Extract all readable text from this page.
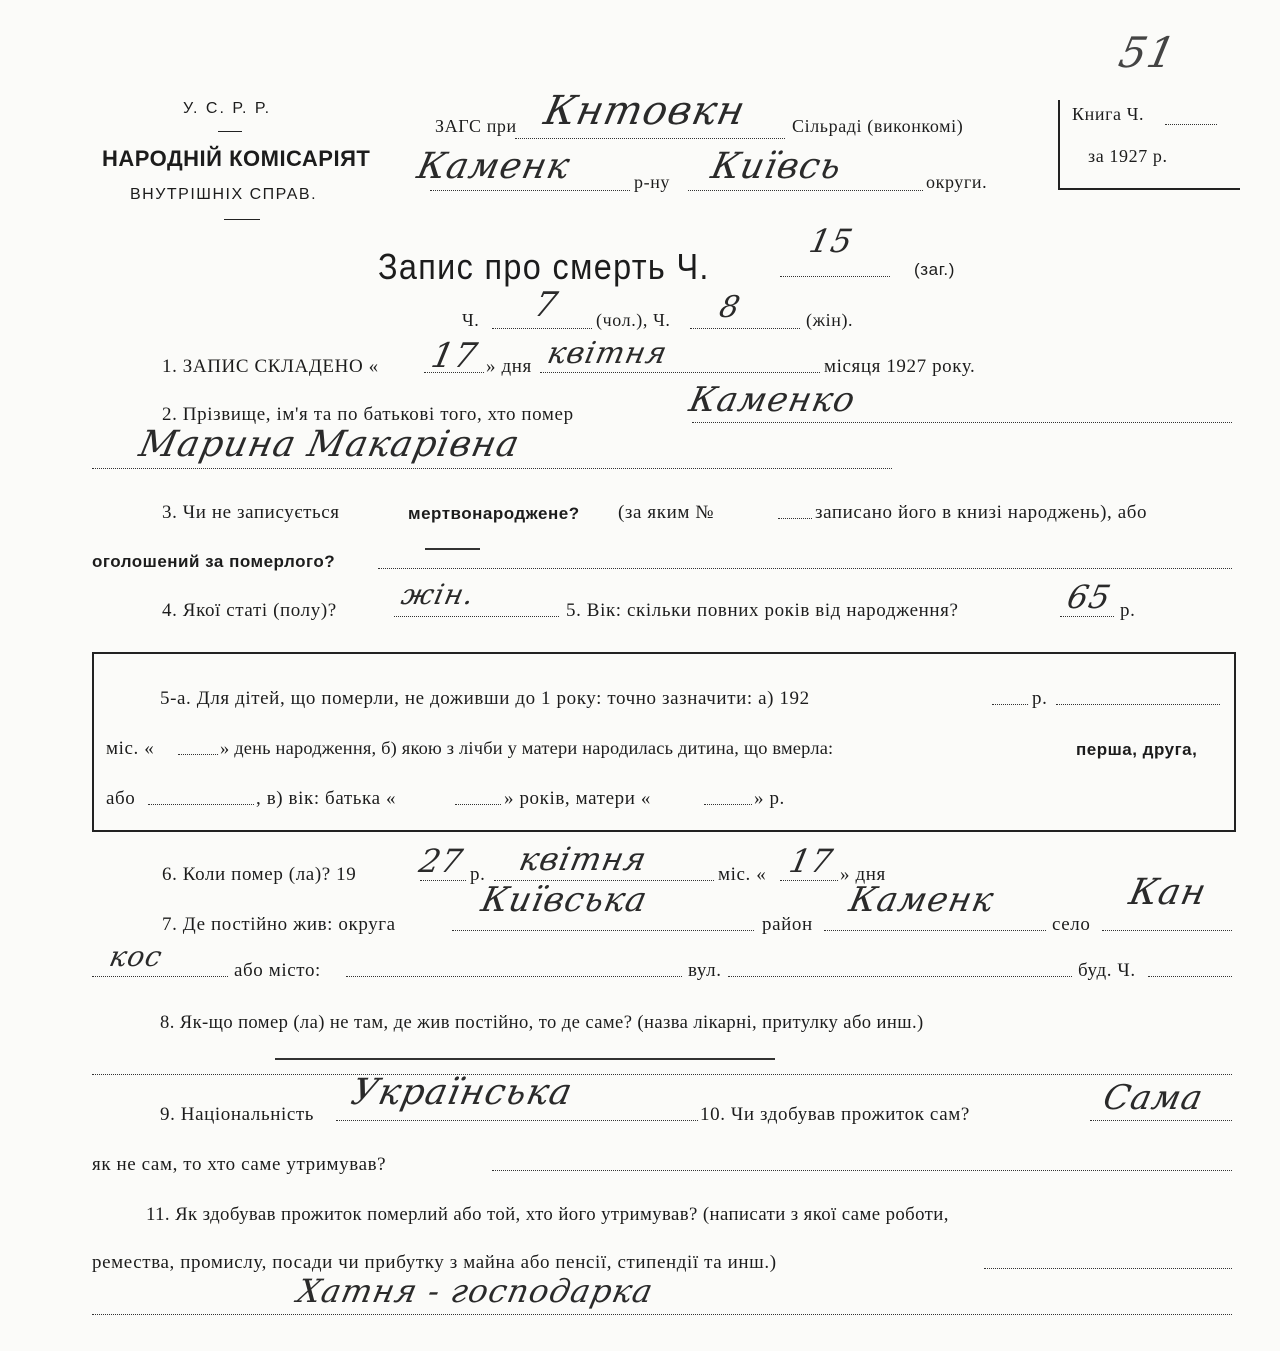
У. С. Р. Р.
НАРОДНІЙ КОМІСАРІЯТ
ВНУТРІШНІХ СПРАВ.
ЗАГС при Кнтовкн Сільраді (виконкомі)
Каменк	р-ну Київсь	округи.
Книга Ч.
за 1927 р.
51
Запис про смерть Ч.
15
(заг.)
Ч. 7 (чол.), Ч. 8	(жін).
1. ЗАПИС СКЛАДЕНО « 17 » дня квітня	місяця 1927 року.
2. Прізвище, ім'я та по батькові того, хто помер	Каменко
Марина Макарівна
3. Чи не записується	мертвонароджене? (за яким №	записано його в книзі народжень), або
оголошений за померлого?
4. Якої статі (полу)? жін.	5. Вік: скільки повних років від народження?	65 р.
5-а. Для дітей, що померли, не доживши до 1 року: точно зазначити: а) 192	р.
міс. «	» день народження, б) якою з лічби у матери народилась дитина, що вмерла:	перша, друга,
або	, в) вік: батька «	» років, матери «	» р.
6. Коли помер (ла)? 19 27 р. квітня	міс. « 17 » дня
7. Де постійно жив: округа
Київська
район
Каменк
село
Кан
кос	або місто:	вул.	буд. Ч.
8. Як-що помер (ла) не там, де жив постійно, то де саме? (назва лікарні, притулку або инш.)
9. Національність
Українська
10. Чи здобував прожиток сам?	Сама
як не сам, то хто саме утримував?
11. Як здобував прожиток померлий або той, хто його утримував? (написати з якої саме роботи,
ремества, промислу, посади чи прибутку з майна або пенсії, стипендії та инш.)
Хатня - господарка
